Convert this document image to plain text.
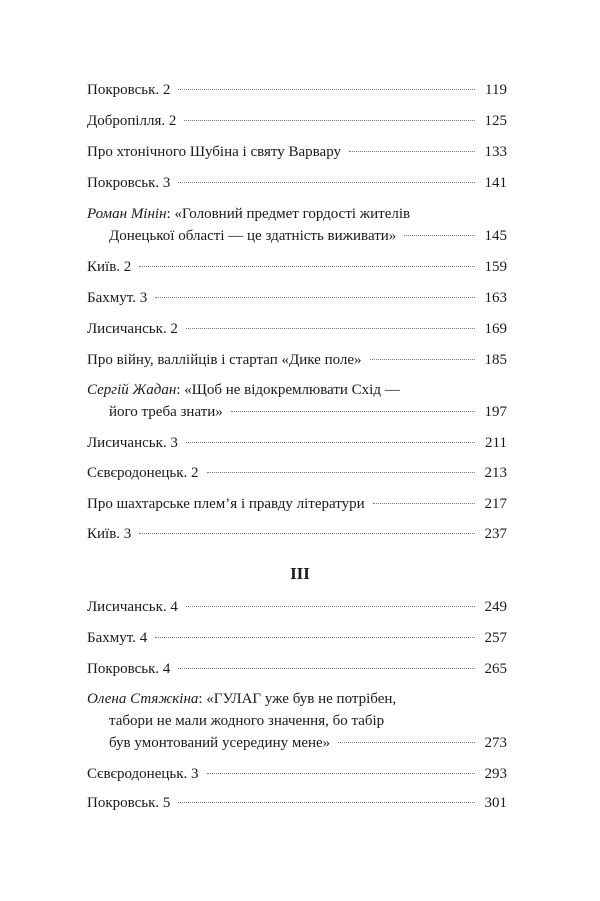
Покровськ. 2	119
Добропілля. 2	125
Про хтонічного Шубіна і святу Варвару	133
Покровськ. 3	141
Роман Мінін: «Головний предмет гордості жителів
Донецької області — це здатність виживати»	145
Київ. 2	159
Бахмут. 3	163
Лисичанськ. 2	169
Про війну, валлійців і стартап «Дике поле»	185
Сергій Жадан: «Щоб не відокремлювати Схід —
його треба знати»	197
Лисичанськ. 3	211
Сєвєродонецьк. 2	213
Про шахтарське плем’я і правду літератури	217
Київ. 3	237
III
Лисичанськ. 4	249
Бахмут. 4	257
Покровськ. 4	265
Олена Стяжкіна: «ГУЛАГ уже був не потрібен,
табори не мали жодного значення, бо табір
був умонтований усередину мене»	273
Сєвєродонецьк. 3	293
Покровськ. 5	301
